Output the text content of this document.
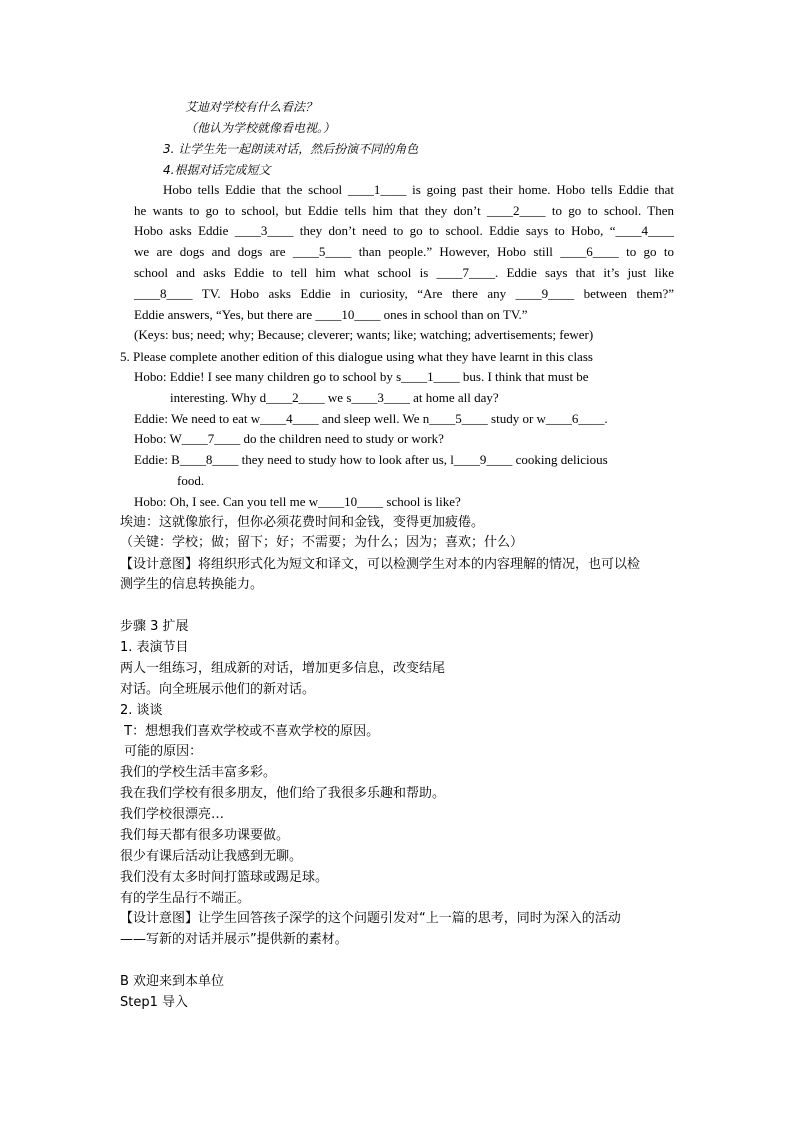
艾迪对学校有什么看法？
（他认为学校就像看电视。）
3. 让学生先一起朗读对话，然后扮演不同的角色
4.根据对话完成短文
Hobo tells Eddie that the school ____1____ is going past their home. Hobo tells Eddie that
he wants to go to school, but Eddie tells him that they don’t ____2____ to go to school. Then
Hobo asks Eddie ____3____ they don’t need to go to school. Eddie says to Hobo, “____4____
we are dogs and dogs are ____5____ than people.” However, Hobo still ____6____ to go to
school and asks Eddie to tell him what school is ____7____. Eddie says that it’s just like
____8____ TV. Hobo asks Eddie in curiosity, “Are there any ____9____ between them?”
Eddie answers, “Yes, but there are ____10____ ones in school than on TV.”
(Keys: bus; need; why; Because; cleverer; wants; like; watching; advertisements; fewer)
5. Please complete another edition of this dialogue using what they have learnt in this class
Hobo: Eddie! I see many children go to school by s____1____ bus. I think that must be
interesting. Why d____2____ we s____3____ at home all day?
Eddie: We need to eat w____4____ and sleep well. We n____5____ study or w____6____.
Hobo: W____7____ do the children need to study or work?
Eddie: B____8____ they need to study how to look after us, l____9____ cooking delicious
food.
Hobo: Oh, I see. Can you tell me w____10____ school is like?
埃迪：这就像旅行，但你必须花费时间和金钱，变得更加疲倦。
（关键：学校；做；留下；好；不需要；为什么；因为；喜欢；什么）
【设计意图】将组织形式化为短文和译文，可以检测学生对本的内容理解的情况，也可以检
测学生的信息转换能力。
步骤 3 扩展
1. 表演节目
两人一组练习，组成新的对话，增加更多信息，改变结尾
对话。向全班展示他们的新对话。
2. 谈谈
T：想想我们喜欢学校或不喜欢学校的原因。
可能的原因：
我们的学校生活丰富多彩。
我在我们学校有很多朋友，他们给了我很多乐趣和帮助。
我们学校很漂亮…
我们每天都有很多功课要做。
很少有课后活动让我感到无聊。
我们没有太多时间打篮球或踢足球。
有的学生品行不端正。
【设计意图】让学生回答孩子深学的这个问题引发对“上一篇的思考，同时为深入的活动
——写新的对话并展示”提供新的素材。
B 欢迎来到本单位
Step1 导入
